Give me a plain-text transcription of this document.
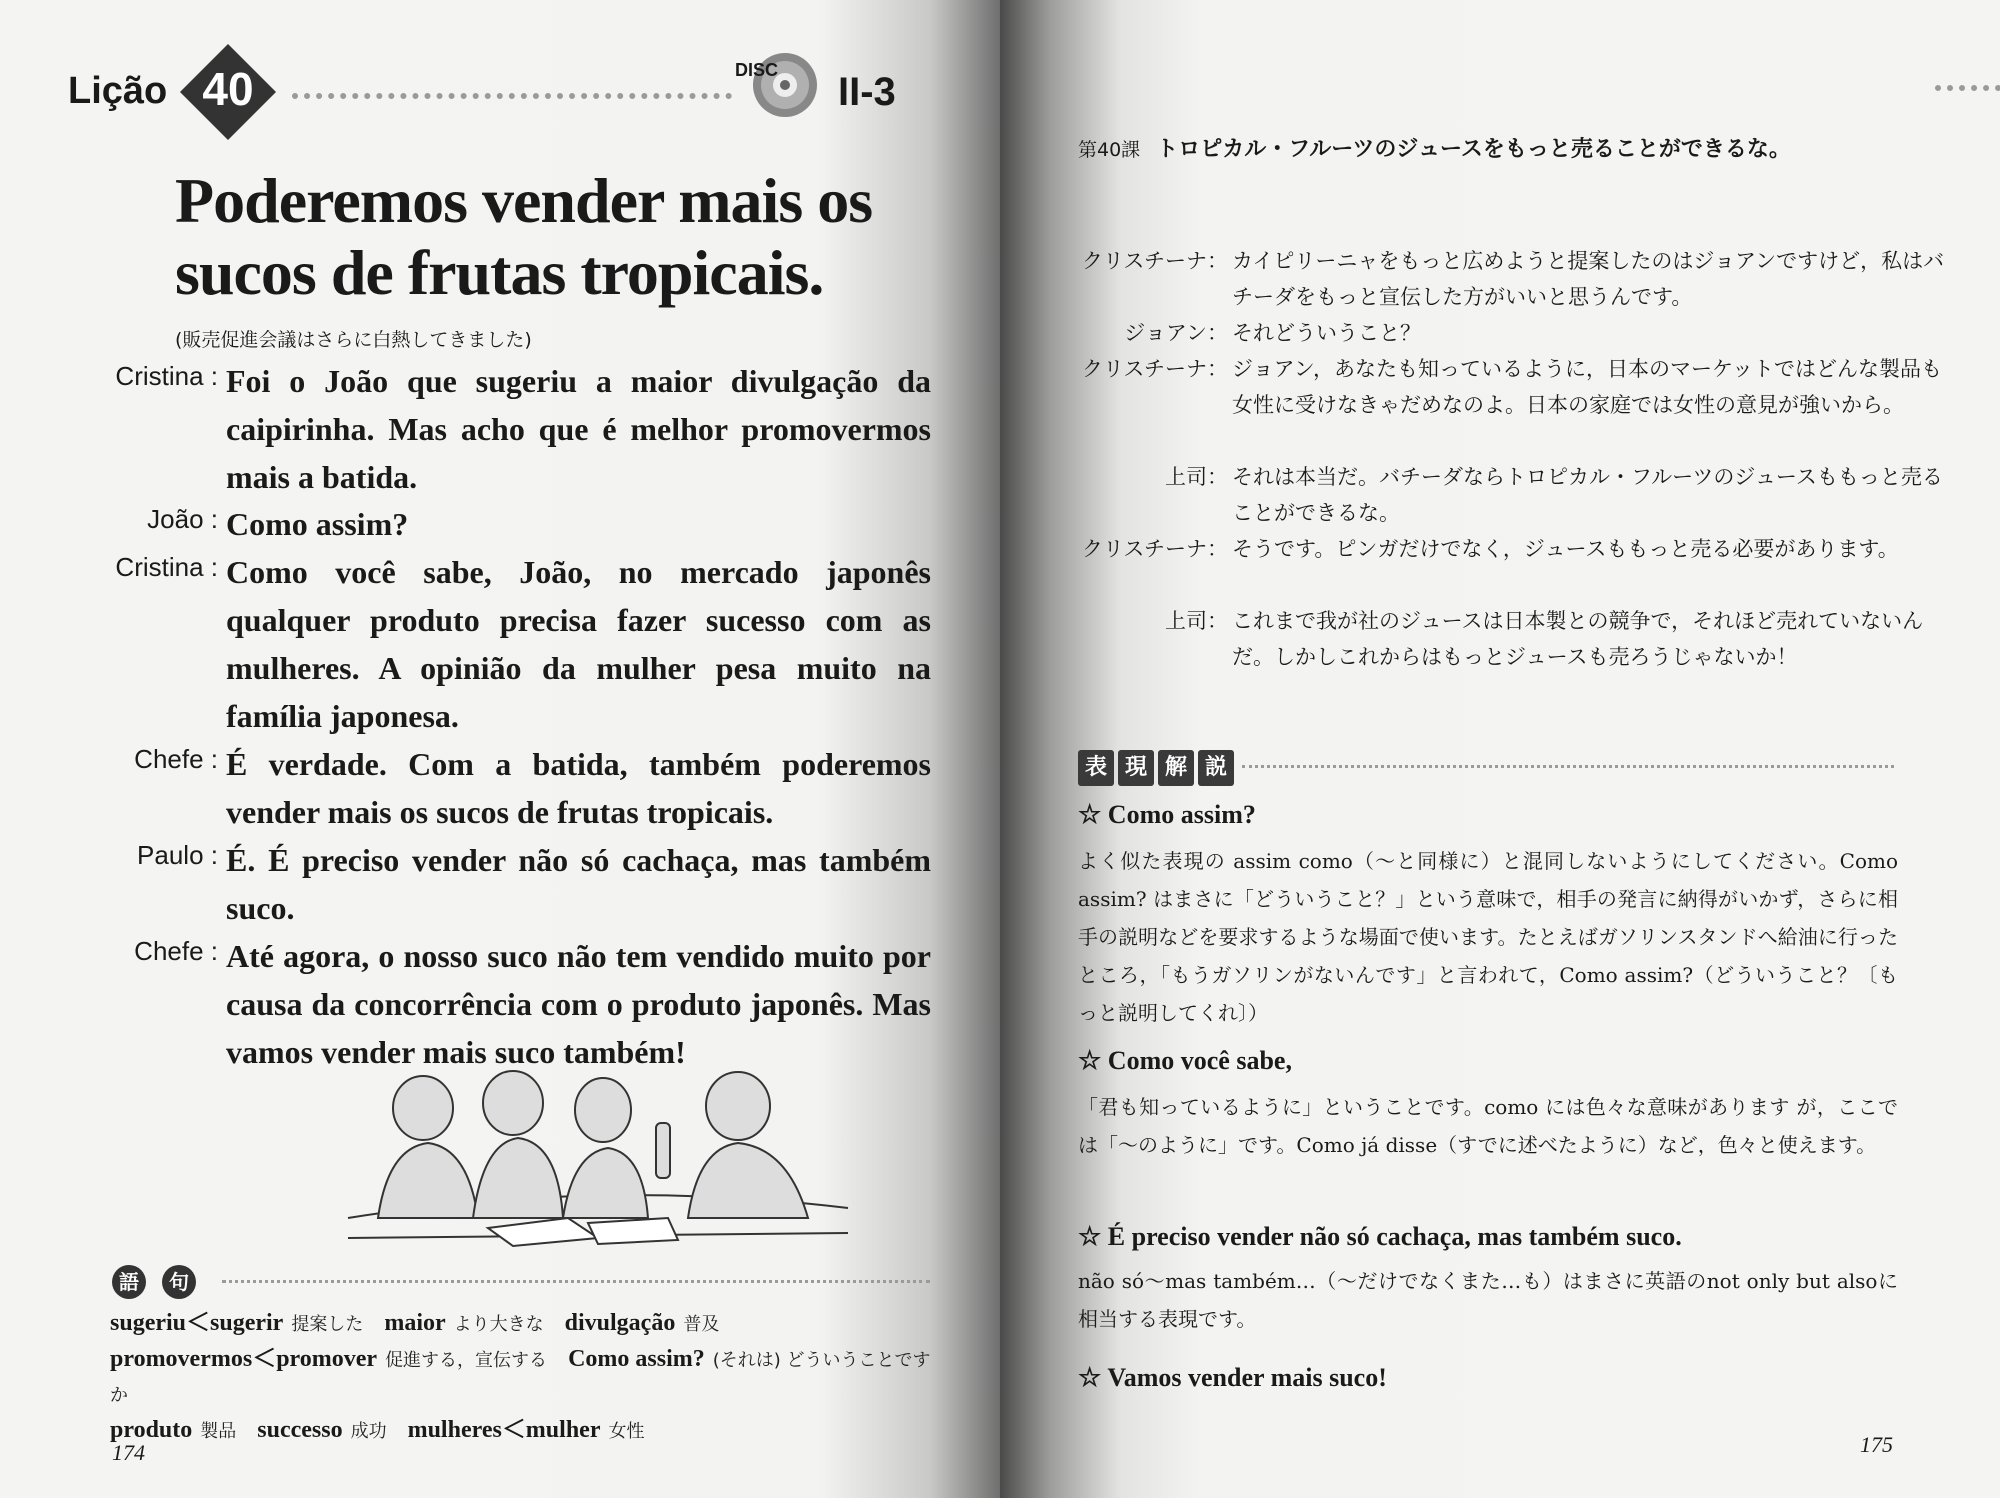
Lição 40	DISC II-3
Poderemos vender mais os sucos de frutas tropicais.
(販売促進会議はさらに白熱してきました)
Cristina : Foi o João que sugeriu a maior divulgação da caipirinha. Mas acho que é melhor promovermos mais a batida.
João : Como assim?
Cristina : Como você sabe, João, no mercado japonês qualquer produto precisa fazer sucesso com as mulheres. A opinião da mulher pesa muito na família japonesa.
Chefe : É verdade. Com a batida, também poderemos vender mais os sucos de frutas tropicais.
Paulo : É. É preciso vender não só cachaça, mas também suco.
Chefe : Até agora, o nosso suco não tem vendido muito por causa da concorrência com o produto japonês. Mas vamos vender mais suco também!
語	句
sugeriu＜sugerir 提案した maior より大きな divulgação 普及
promovermos＜promover 促進する，宣伝する Como assim? (それは) どういうことですか
produto 製品 successo 成功 mulheres＜mulher 女性
174
第40課 トロピカル・フルーツのジュースをもっと売ることができるな。
クリスチーナ： カイピリーニャをもっと広めようと提案したのはジョアンですけど，私はバチーダをもっと宣伝した方がいいと思うんです。
ジョアン： それどういうこと？
クリスチーナ： ジョアン，あなたも知っているように，日本のマーケットではどんな製品も女性に受けなきゃだめなのよ。日本の家庭では女性の意見が強いから。
上司： それは本当だ。バチーダならトロピカル・フルーツのジュースももっと売ることができるな。
クリスチーナ： そうです。ピンガだけでなく，ジュースももっと売る必要があります。
上司： これまで我が社のジュースは日本製との競争で，それほど売れていないんだ。しかしこれからはもっとジュースも売ろうじゃないか！
表 現 解 説
☆ Como assim?
よく似た表現の assim como（〜と同様に）と混同しないようにしてください。Como assim? はまさに「どういうこと？」という意味で，相手の発言に納得がいかず，さらに相手の説明などを要求するような場面で使います。たとえばガソリンスタンドへ給油に行ったところ，「もうガソリンがないんです」と言われて，Como assim?（どういうこと？〔もっと説明してくれ〕）
☆ Como você sabe,
「君も知っているように」ということです。como には色々な意味があります が，ここでは「〜のように」です。Como já disse（すでに述べたように）など，色々と使えます。
☆ É preciso vender não só cachaça, mas também suco.
não só〜mas também…（〜だけでなくまた…も）はまさに英語のnot only but alsoに相当する表現です。
☆ Vamos vender mais suco!
175
